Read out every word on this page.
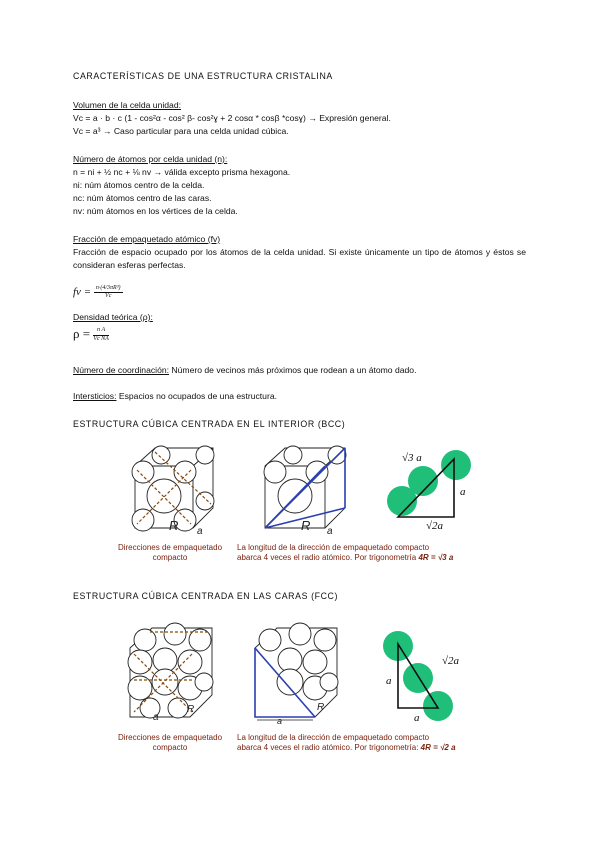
CARACTERÍSTICAS DE UNA ESTRUCTURA CRISTALINA
Volumen de la celda unidad:
Vc = a · b · c (1 - cos²α - cos² β- cos²ɣ + 2 cosα * cosβ *cosɣ) → Expresión general.
Vc = a³ → Caso particular para una celda unidad cúbica.
Número de átomos por celda unidad (n):
n = ni + ½ nc + ⅛ nv → válida excepto prisma hexagona.
ni: núm átomos centro de la celda.
nc: núm átomos centro de las caras.
nv: núm átomos en los vértices de la celda.
Fracción de empaquetado atómico (fv)
Fracción de espacio ocupado por los átomos de la celda unidad. Si existe únicamente un tipo de átomos y éstos se consideran esferas perfectas.
fv = $\frac{\text{n·(4/3πR³)}}{Vc}$
Densidad teórica (ρ):
$\rho = \frac{\text{n A}}{\text{Vc NA}}$
Número de coordinación: Número de vecinos más próximos que rodean a un átomo dado.
Intersticios: Espacios no ocupados de una estructura.
ESTRUCTURA CÚBICA CENTRADA EN EL INTERIOR (BCC)
R a	R a
√3 a
a
√2a
Direcciones de empaquetado compacto
La longitud de la dirección de empaquetado compacto
abarca 4 veces el radio atómico. Por trigonometría 4R = √3 a
ESTRUCTURA CÚBICA CENTRADA EN LAS CARAS (FCC)
a
R
a
R
√2a
a
a
Direcciones de empaquetado compacto
La longitud de la dirección de empaquetado compacto
abarca 4 veces el radio atómico. Por trigonometría: 4R = √2 a
